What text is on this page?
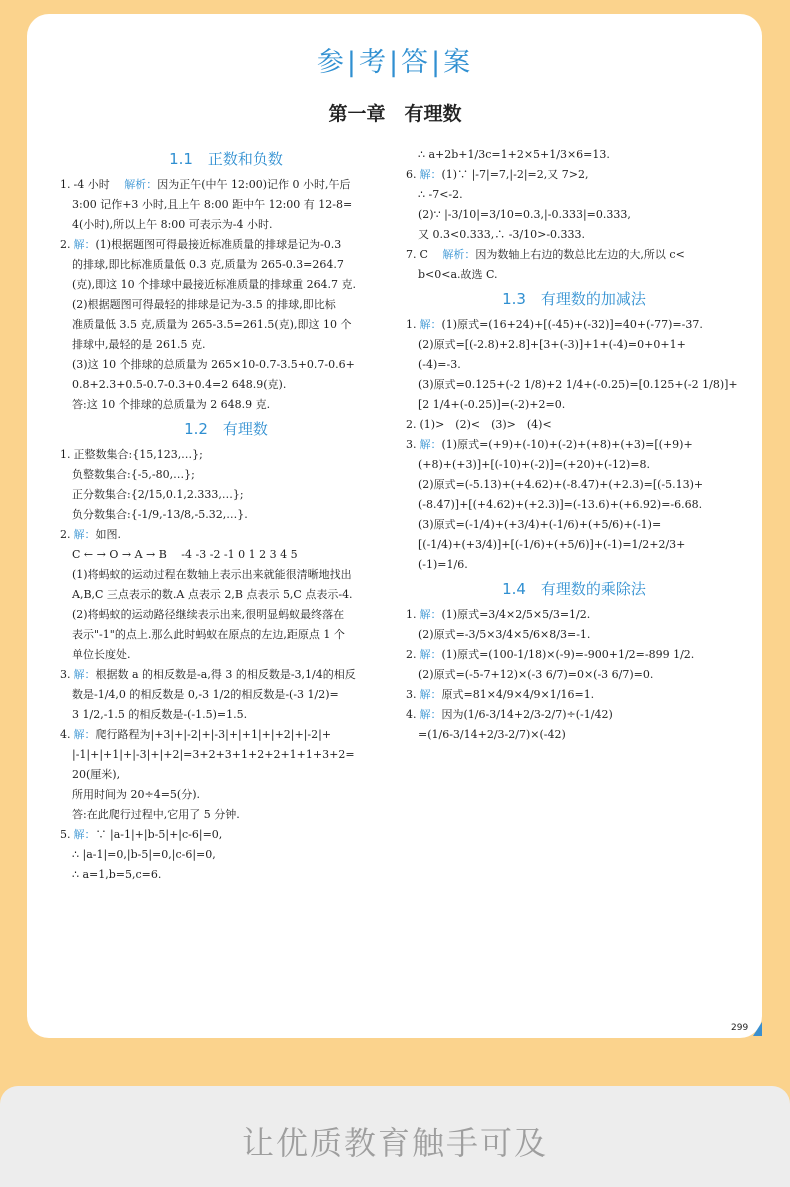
参|考|答|案
第一章　有理数
1.1　正数和负数

1. -4 小时　 解析：因为正午(中午 12:00)记作 0 小时,午后

3:00 记作+3 小时,且上午 8:00 距中午 12:00 有 12-8=

4(小时),所以上午 8:00 可表示为-4 小时.

2. 解：(1)根据题图可得最接近标准质量的排球是记为-0.3

的排球,即比标准质量低 0.3 克,质量为 265-0.3=264.7

(克),即这 10 个排球中最接近标准质量的排球重 264.7 克.

(2)根据题图可得最轻的排球是记为-3.5 的排球,即比标

准质量低 3.5 克,质量为 265-3.5=261.5(克),即这 10 个

排球中,最轻的是 261.5 克.

(3)这 10 个排球的总质量为 265×10-0.7-3.5+0.7-0.6+

0.8+2.3+0.5-0.7-0.3+0.4=2 648.9(克).

答:这 10 个排球的总质量为 2 648.9 克.

1.2　有理数

1. 正整数集合:{15,123,…};

负整数集合:{-5,-80,…};

正分数集合:{2/15,0.1,2.333,…};

负分数集合:{-1/9,-13/8,-5.32,…}.

2. 解：如图.

C ← → O → A → B　 -4 -3 -2 -1 0 1 2 3 4 5

(1)将蚂蚁的运动过程在数轴上表示出来就能很清晰地找出

A,B,C 三点表示的数.A 点表示 2,B 点表示 5,C 点表示-4.

(2)将蚂蚁的运动路径继续表示出来,很明显蚂蚁最终落在

表示"-1"的点上.那么此时蚂蚁在原点的左边,距原点 1 个

单位长度处.

3. 解：根据数 a 的相反数是-a,得 3 的相反数是-3,1/4的相反

数是-1/4,0 的相反数是 0,-3 1/2的相反数是-(-3 1/2)=

3 1/2,-1.5 的相反数是-(-1.5)=1.5.

4. 解：爬行路程为|+3|+|-2|+|-3|+|+1|+|+2|+|-2|+

|-1|+|+1|+|-3|+|+2|=3+2+3+1+2+2+1+1+3+2=

20(厘米),

所用时间为 20÷4=5(分).

答:在此爬行过程中,它用了 5 分钟.

5. 解：∵ |a-1|+|b-5|+|c-6|=0,

∴ |a-1|=0,|b-5|=0,|c-6|=0,

∴ a=1,b=5,c=6.

∴ a+2b+1/3c=1+2×5+1/3×6=13.

6. 解：(1)∵ |-7|=7,|-2|=2,又 7>2,

∴ -7<-2.

(2)∵ |-3/10|=3/10=0.3,|-0.333|=0.333,

又 0.3<0.333,∴ -3/10>-0.333.

7. C　 解析：因为数轴上右边的数总比左边的大,所以 c<

b<0<a.故选 C.

1.3　有理数的加减法

1. 解：(1)原式=(16+24)+[(-45)+(-32)]=40+(-77)=-37.

(2)原式=[(-2.8)+2.8]+[3+(-3)]+1+(-4)=0+0+1+

(-4)=-3.

(3)原式=0.125+(-2 1/8)+2 1/4+(-0.25)=[0.125+(-2 1/8)]+

[2 1/4+(-0.25)]=(-2)+2=0.

2. (1)>　(2)<　(3)>　(4)<

3. 解：(1)原式=(+9)+(-10)+(-2)+(+8)+(+3)=[(+9)+

(+8)+(+3)]+[(-10)+(-2)]=(+20)+(-12)=8.

(2)原式=(-5.13)+(+4.62)+(-8.47)+(+2.3)=[(-5.13)+

(-8.47)]+[(+4.62)+(+2.3)]=(-13.6)+(+6.92)=-6.68.

(3)原式=(-1/4)+(+3/4)+(-1/6)+(+5/6)+(-1)=

[(-1/4)+(+3/4)]+[(-1/6)+(+5/6)]+(-1)=1/2+2/3+

(-1)=1/6.

1.4　有理数的乘除法

1. 解：(1)原式=3/4×2/5×5/3=1/2.

(2)原式=-3/5×3/4×5/6×8/3=-1.

2. 解：(1)原式=(100-1/18)×(-9)=-900+1/2=-899 1/2.

(2)原式=(-5-7+12)×(-3 6/7)=0×(-3 6/7)=0.

3. 解：原式=81×4/9×4/9×1/16=1.

4. 解：因为(1/6-3/14+2/3-2/7)÷(-1/42)

=(1/6-3/14+2/3-2/7)×(-42)

299
让优质教育触手可及
